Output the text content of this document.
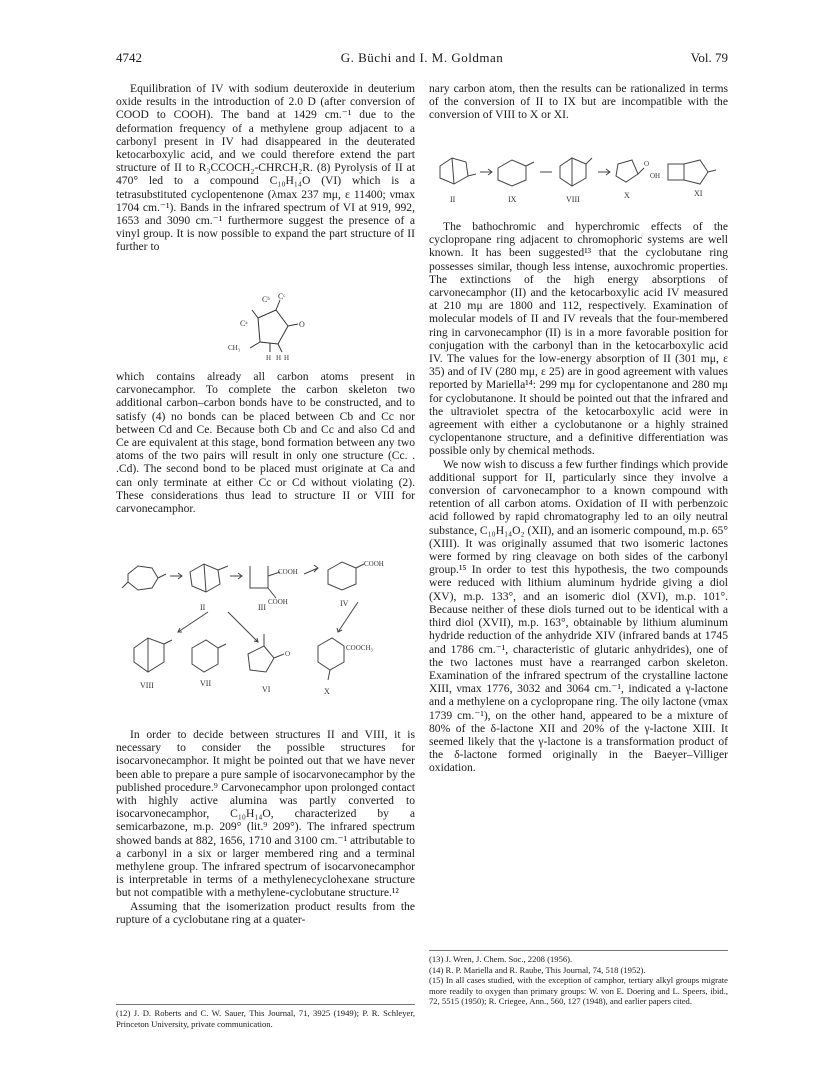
4742	G. Büchi and I. M. Goldman	Vol. 79

Equilibration of IV with sodium deuteroxide in deuterium oxide results in the introduction of 2.0 D (after conversion of COOD to COOH). The band at 1429 cm.⁻¹ due to the deformation frequency of a methylene group adjacent to a carbonyl present in IV had disappeared in the deuterated ketocarboxylic acid, and we could therefore extend the part structure of II to R₃CCOCH₂-CHRCH₂R. (8) Pyrolysis of II at 470° led to a compound C₁₀H₁₄O (VI) which is a tetrasubstituted cyclopentenone (λmax 237 mμ, ε 11400; νmax 1704 cm.⁻¹). Bands in the infrared spectrum of VI at 919, 992, 1653 and 3090 cm.⁻¹ furthermore suggest the presence of a vinyl group. It is now possible to expand the part structure of II further to

Cᵇ Cᶜ
Cᵃ
CH₃
H H H
O

which contains already all carbon atoms present in carvonecamphor. To complete the carbon skeleton two additional carbon–carbon bonds have to be constructed, and to satisfy (4) no bonds can be placed between Cb and Cc nor between Cd and Ce. Because both Cb and Cc and also Cd and Ce are equivalent at this stage, bond formation between any two atoms of the two pairs will result in only one structure (Cc. . .Cd). The second bond to be placed must originate at Ca and can only terminate at either Cc or Cd without violating (2). These considerations thus lead to structure II or VIII for carvonecamphor.

II	III	IV
VIII	VII
VI	X
COOH
COOH
COOH
COOCH₃
O

In order to decide between structures II and VIII, it is necessary to consider the possible structures for isocarvonecamphor. It might be pointed out that we have never been able to prepare a pure sample of isocarvonecamphor by the published procedure.⁹ Carvonecamphor upon prolonged contact with highly active alumina was partly converted to isocarvonecamphor, C₁₀H₁₄O, characterized by a semicarbazone, m.p. 209° (lit.⁹ 209°). The infrared spectrum showed bands at 882, 1656, 1710 and 3100 cm.⁻¹ attributable to a carbonyl in a six or larger membered ring and a terminal methylene group. The infrared spectrum of isocarvonecamphor is interpretable in terms of a methylenecyclohexane structure but not compatible with a methylene-cyclobutane structure.¹²

Assuming that the isomerization product results from the rupture of a cyclobutane ring at a quater-

(12) J. D. Roberts and C. W. Sauer, This Journal, 71, 3925 (1949); P. R. Schleyer, Princeton University, private communication.

nary carbon atom, then the results can be rationalized in terms of the conversion of II to IX but are incompatible with the conversion of VIII to X or XI.

II	IX	VIII	X	XI
O
OH

The bathochromic and hyperchromic effects of the cyclopropane ring adjacent to chromophoric systems are well known. It has been suggested¹³ that the cyclobutane ring possesses similar, though less intense, auxochromic properties. The extinctions of the high energy absorptions of carvonecamphor (II) and the ketocarboxylic acid IV measured at 210 mμ are 1800 and 112, respectively. Examination of molecular models of II and IV reveals that the four-membered ring in carvonecamphor (II) is in a more favorable position for conjugation with the carbonyl than in the ketocarboxylic acid IV. The values for the low-energy absorption of II (301 mμ, ε 35) and of IV (280 mμ, ε 25) are in good agreement with values reported by Mariella¹⁴: 299 mμ for cyclopentanone and 280 mμ for cyclobutanone. It should be pointed out that the infrared and the ultraviolet spectra of the ketocarboxylic acid were in agreement with either a cyclobutanone or a highly strained cyclopentanone structure, and a definitive differentiation was possible only by chemical methods.

We now wish to discuss a few further findings which provide additional support for II, particularly since they involve a conversion of carvonecamphor to a known compound with retention of all carbon atoms. Oxidation of II with perbenzoic acid followed by rapid chromatography led to an oily neutral substance, C₁₀H₁₄O₂ (XII), and an isomeric compound, m.p. 65° (XIII). It was originally assumed that two isomeric lactones were formed by ring cleavage on both sides of the carbonyl group.¹⁵ In order to test this hypothesis, the two compounds were reduced with lithium aluminum hydride giving a diol (XV), m.p. 133°, and an isomeric diol (XVI), m.p. 101°. Because neither of these diols turned out to be identical with a third diol (XVII), m.p. 163°, obtainable by lithium aluminum hydride reduction of the anhydride XIV (infrared bands at 1745 and 1786 cm.⁻¹, characteristic of glutaric anhydrides), one of the two lactones must have a rearranged carbon skeleton. Examination of the infrared spectrum of the crystalline lactone XIII, νmax 1776, 3032 and 3064 cm.⁻¹, indicated a γ-lactone and a methylene on a cyclopropane ring. The oily lactone (νmax 1739 cm.⁻¹), on the other hand, appeared to be a mixture of 80% of the δ-lactone XII and 20% of the γ-lactone XIII. It seemed likely that the γ-lactone is a transformation product of the δ-lactone formed originally in the Baeyer–Villiger oxidation.

(13) J. Wren, J. Chem. Soc., 2208 (1956).

(14) R. P. Mariella and R. Raube, This Journal, 74, 518 (1952).

(15) In all cases studied, with the exception of camphor, tertiary alkyl groups migrate more readily to oxygen than primary groups: W. von E. Doering and L. Speers, ibid., 72, 5515 (1950); R. Criegee, Ann., 560, 127 (1948), and earlier papers cited.
